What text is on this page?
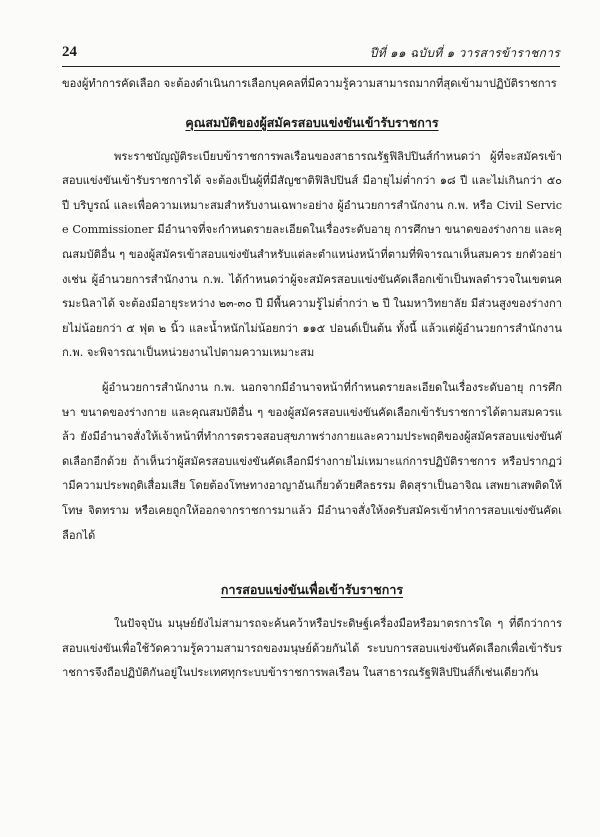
24	ปีที่ ๑๑ ฉบับที่ ๑ วารสารข้าราชการ

ของผู้ทำการคัดเลือก จะต้องดำเนินการเลือกบุคคลที่มีความรู้ความสามารถมากที่สุดเข้ามาปฏิบัติราชการ

คุณสมบัติของผู้สมัครสอบแข่งขันเข้ารับราชการ

พระราชบัญญัติระเบียบข้าราชการพลเรือนของสาธารณรัฐฟิลิปปินส์กำหนดว่า ผู้ที่จะสมัครเข้าสอบแข่งขันเข้ารับราชการได้ จะต้องเป็นผู้ที่มีสัญชาติฟิลิปปินส์ มีอายุไม่ต่ำกว่า ๑๘ ปี และไม่เกินกว่า ๕๐ ปี บริบูรณ์ และเพื่อความเหมาะสมสำหรับงานเฉพาะอย่าง ผู้อำนวยการสำนักงาน ก.พ. หรือ Civil Service Commissioner มีอำนาจที่จะกำหนดรายละเอียดในเรื่องระดับอายุ การศึกษา ขนาดของร่างกาย และคุณสมบัติอื่น ๆ ของผู้สมัครเข้าสอบแข่งขันสำหรับแต่ละตำแหน่งหน้าที่ตามที่พิจารณาเห็นสมควร ยกตัวอย่างเช่น ผู้อำนวยการสำนักงาน ก.พ. ได้กำหนดว่าผู้จะสมัครสอบแข่งขันคัดเลือกเข้าเป็นพลตำรวจในเขตนครมะนิลาได้ จะต้องมีอายุระหว่าง ๒๓-๓๐ ปี มีพื้นความรู้ไม่ต่ำกว่า ๒ ปี ในมหาวิทยาลัย มีส่วนสูงของร่างกายไม่น้อยกว่า ๕ ฟุต ๒ นิ้ว และน้ำหนักไม่น้อยกว่า ๑๑๕ ปอนด์เป็นต้น ทั้งนี้ แล้วแต่ผู้อำนวยการสำนักงาน ก.พ. จะพิจารณาเป็นหน่วยงานไปตามความเหมาะสม

ผู้อำนวยการสำนักงาน ก.พ. นอกจากมีอำนาจหน้าที่กำหนดรายละเอียดในเรื่องระดับอายุ การศึกษา ขนาดของร่างกาย และคุณสมบัติอื่น ๆ ของผู้สมัครสอบแข่งขันคัดเลือกเข้ารับราชการได้ตามสมควรแล้ว ยังมีอำนาจสั่งให้เจ้าหน้าที่ทำการตรวจสอบสุขภาพร่างกายและความประพฤติของผู้สมัครสอบแข่งขันคัดเลือกอีกด้วย ถ้าเห็นว่าผู้สมัครสอบแข่งขันคัดเลือกมีร่างกายไม่เหมาะแก่การปฏิบัติราชการ หรือปรากฏว่ามีความประพฤติเสื่อมเสีย โดยต้องโทษทางอาญาอันเกี่ยวด้วยศีลธรรม ติดสุราเป็นอาจิณ เสพยาเสพติดให้โทษ จิตทราม หรือเคยถูกให้ออกจากราชการมาแล้ว มีอำนาจสั่งให้งดรับสมัครเข้าทำการสอบแข่งขันคัดเลือกได้

การสอบแข่งขันเพื่อเข้ารับราชการ

ในปัจจุบัน มนุษย์ยังไม่สามารถจะค้นคว้าหรือประดิษฐ์เครื่องมือหรือมาตรการใด ๆ ที่ดีกว่าการสอบแข่งขันเพื่อใช้วัดความรู้ความสามารถของมนุษย์ด้วยกันได้ ระบบการสอบแข่งขันคัดเลือกเพื่อเข้ารับราชการจึงถือปฏิบัติกันอยู่ในประเทศทุกระบบข้าราชการพลเรือน ในสาธารณรัฐฟิลิปปินส์ก็เช่นเดียวกัน
